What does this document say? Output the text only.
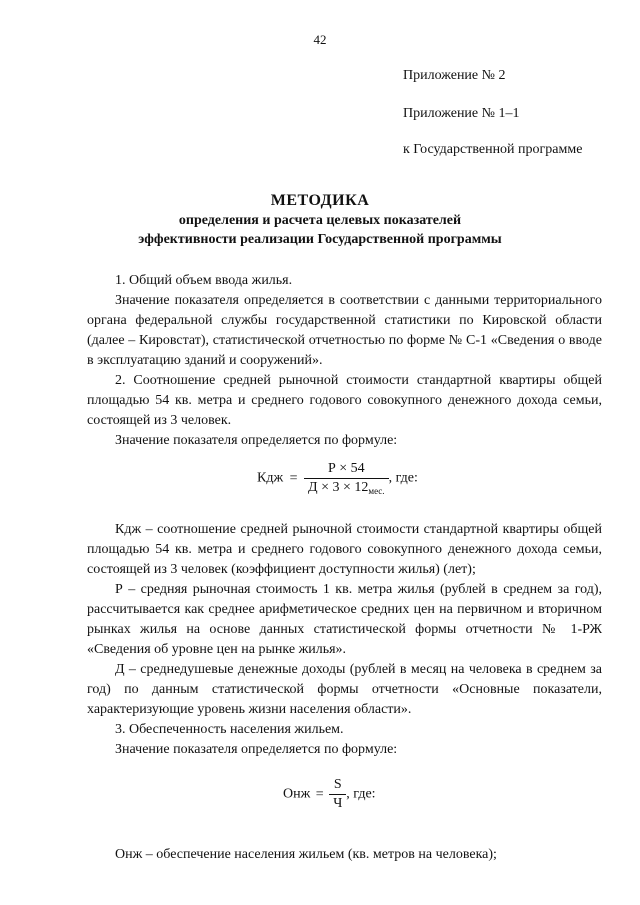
42
Приложение № 2
Приложение № 1–1
к Государственной программе
МЕТОДИКА
определения и расчета целевых показателей
эффективности реализации Государственной программы

1. Общий объем ввода жилья.

Значение показателя определяется в соответствии с данными территориального органа федеральной службы государственной статистики по Кировской области (далее – Кировстат), статистической отчетностью по форме № С-1 «Сведения о вводе в эксплуатацию зданий и сооружений».

2. Соотношение средней рыночной стоимости стандартной квартиры общей площадью 54 кв. метра и среднего годового совокупного денежного дохода семьи, состоящей из 3 человек.

Значение показателя определяется по формуле:

Кдж = $\frac{Р \times 54}{Д \times 3 \times 12_{мес.}}$ , где:

Кдж – соотношение средней рыночной стоимости стандартной квартиры общей площадью 54 кв. метра и среднего годового совокупного денежного дохода семьи, состоящей из 3 человек (коэффициент доступности жилья) (лет);

Р – средняя рыночная стоимость 1 кв. метра жилья (рублей в среднем за год), рассчитывается как среднее арифметическое средних цен на первичном и вторичном рынках жилья на основе данных статистической формы отчетности № 1-РЖ «Сведения об уровне цен на рынке жилья».

Д – среднедушевые денежные доходы (рублей в месяц на человека в среднем за год) по данным статистической формы отчетности «Основные показатели, характеризующие уровень жизни населения области».

3. Обеспеченность населения жильем.

Значение показателя определяется по формуле:

Онж = $\frac{S}{Ч}$ , где:

Онж – обеспечение населения жильем (кв. метров на человека);
